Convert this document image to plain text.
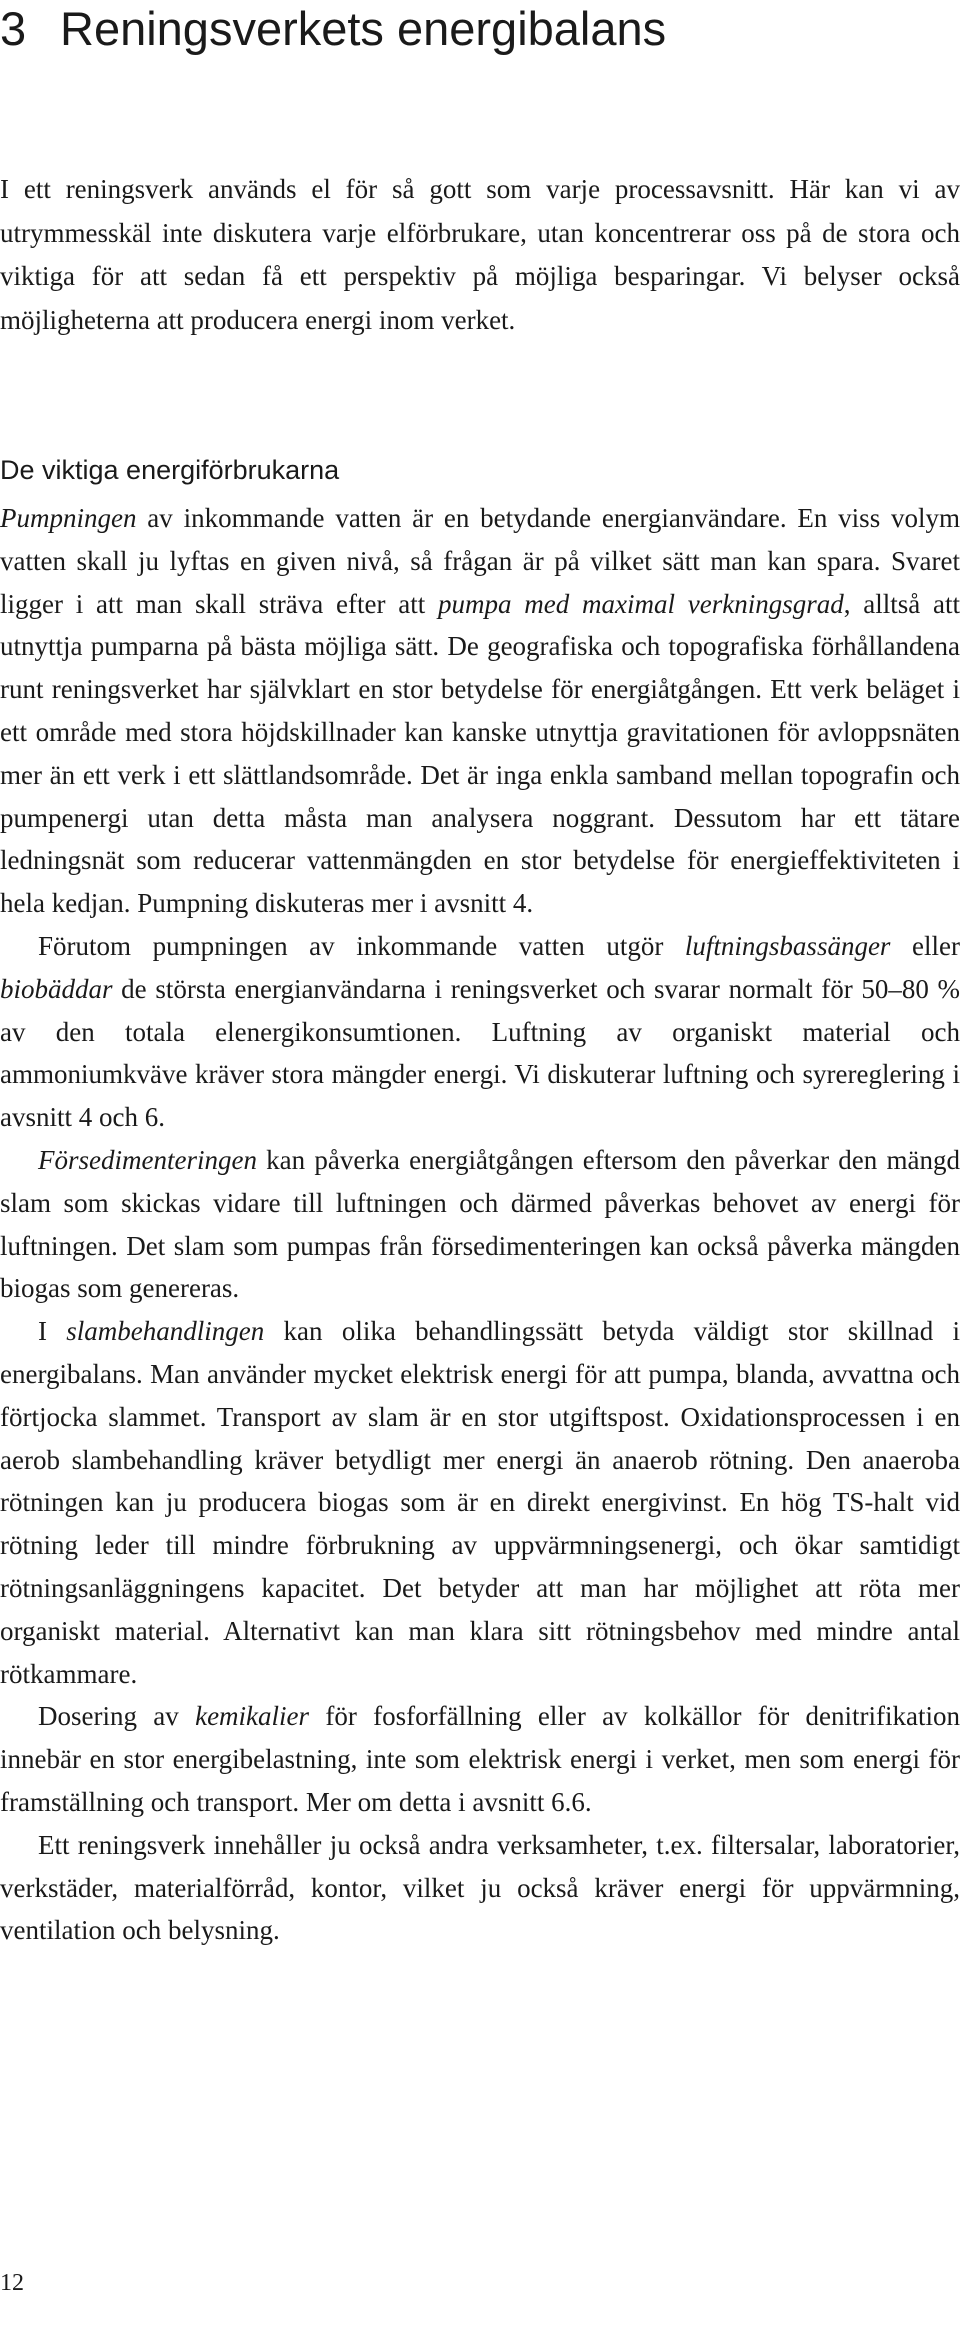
3 Reningsverkets energibalans

I ett reningsverk används el för så gott som varje processavsnitt. Här kan vi av utrymmesskäl inte diskutera varje elförbrukare, utan koncentrerar oss på de stora och viktiga för att sedan få ett perspektiv på möjliga besparingar. Vi belyser också möjligheterna att producera energi inom verket.

De viktiga energiförbrukarna

Pumpningen av inkommande vatten är en betydande energianvändare. En viss volym vatten skall ju lyftas en given nivå, så frågan är på vilket sätt man kan spara. Svaret ligger i att man skall sträva efter att pumpa med maximal verkningsgrad, alltså att utnyttja pumparna på bästa möjliga sätt. De geografiska och topografiska förhållandena runt reningsverket har självklart en stor betydelse för energiåtgången. Ett verk beläget i ett område med stora höjdskillnader kan kanske utnyttja gravitationen för avloppsnäten mer än ett verk i ett slättlandsområde. Det är inga enkla samband mellan topografin och pumpenergi utan detta måsta man analysera noggrant. Dessutom har ett tätare ledningsnät som reducerar vattenmängden en stor betydelse för energieffektiviteten i hela kedjan. Pumpning diskuteras mer i avsnitt 4.

Förutom pumpningen av inkommande vatten utgör luftningsbassänger eller biobäddar de största energianvändarna i reningsverket och svarar normalt för 50–80 % av den totala elenergikonsumtionen. Luftning av organiskt material och ammoniumkväve kräver stora mängder energi. Vi diskuterar luftning och syrereglering i avsnitt 4 och 6.

Försedimenteringen kan påverka energiåtgången eftersom den påverkar den mängd slam som skickas vidare till luftningen och därmed påverkas behovet av energi för luftningen. Det slam som pumpas från försedimenteringen kan också påverka mängden biogas som genereras.

I slambehandlingen kan olika behandlingssätt betyda väldigt stor skillnad i energibalans. Man använder mycket elektrisk energi för att pumpa, blanda, avvattna och förtjocka slammet. Transport av slam är en stor utgiftspost. Oxidationsprocessen i en aerob slambehandling kräver betydligt mer energi än anaerob rötning. Den anaeroba rötningen kan ju producera biogas som är en direkt energivinst. En hög TS-halt vid rötning leder till mindre förbrukning av uppvärmningsenergi, och ökar samtidigt rötningsanläggningens kapacitet. Det betyder att man har möjlighet att röta mer organiskt material. Alternativt kan man klara sitt rötningsbehov med mindre antal rötkammare.

Dosering av kemikalier för fosforfällning eller av kolkällor för denitrifikation innebär en stor energibelastning, inte som elektrisk energi i verket, men som energi för framställning och transport. Mer om detta i avsnitt 6.6.

Ett reningsverk innehåller ju också andra verksamheter, t.ex. filtersalar, laboratorier, verkstäder, materialförråd, kontor, vilket ju också kräver energi för uppvärmning, ventilation och belysning.

12
